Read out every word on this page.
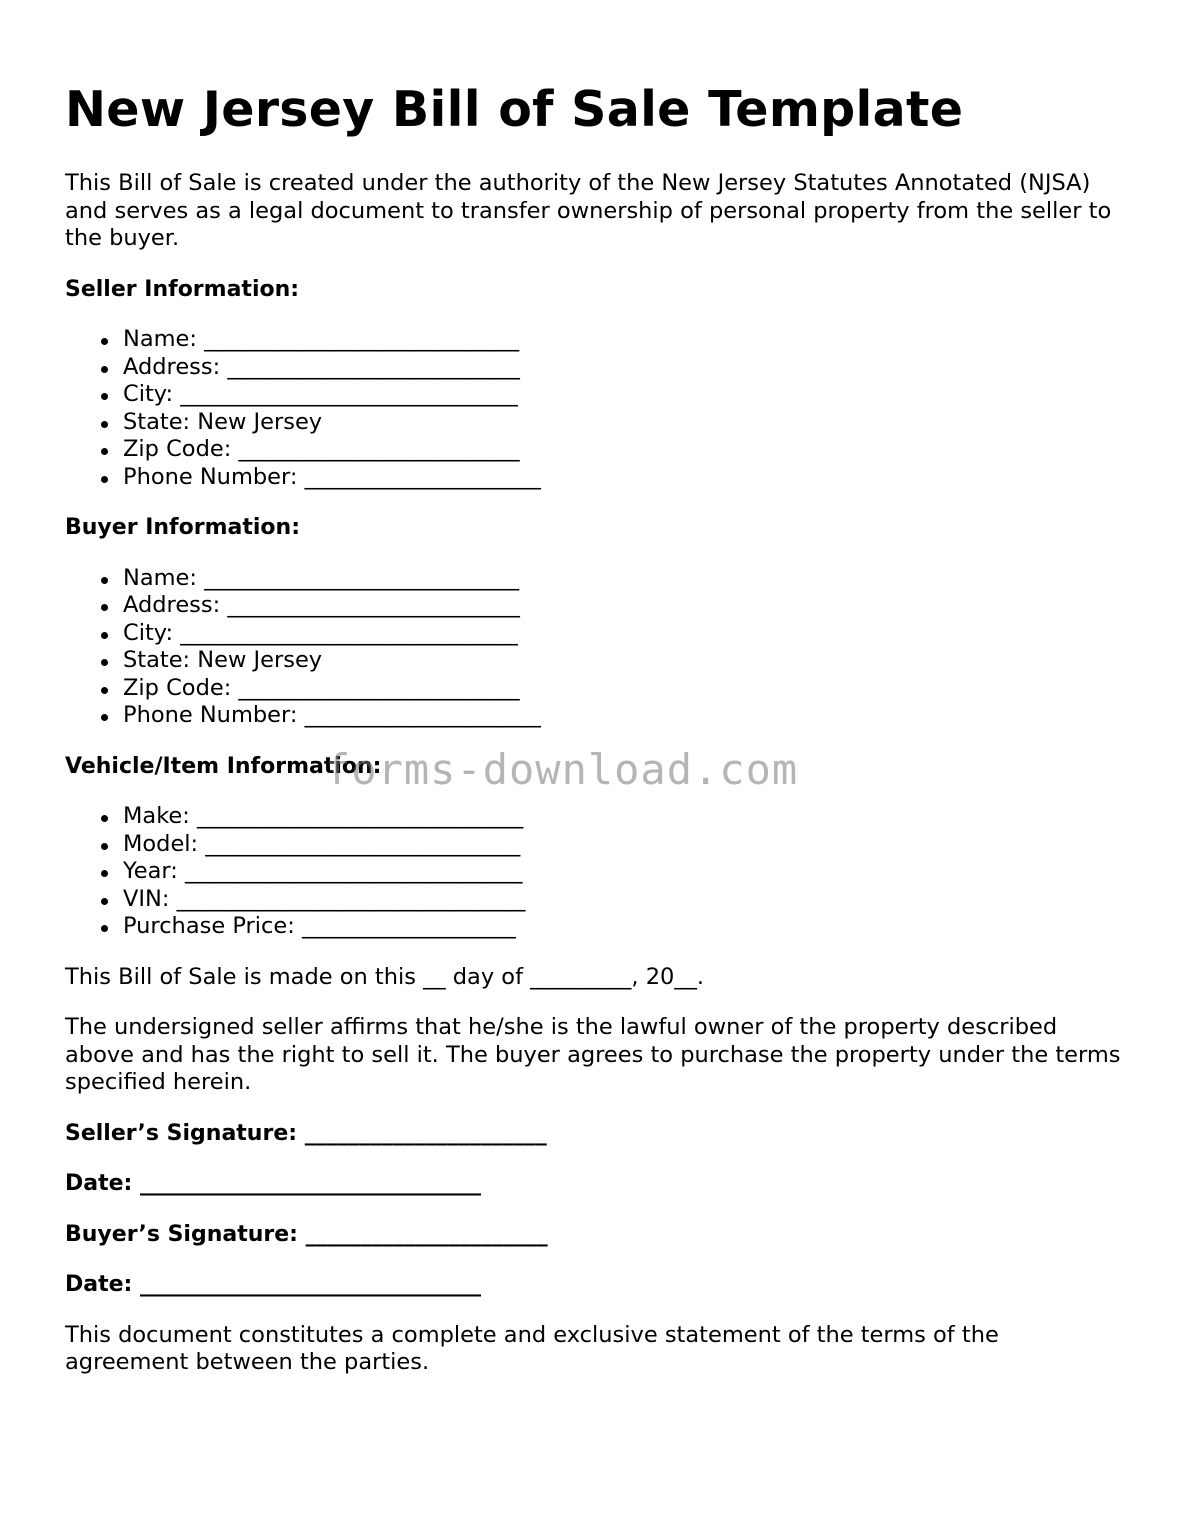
New Jersey Bill of Sale Template

This Bill of Sale is created under the authority of the New Jersey Statutes Annotated (NJSA) and serves as a legal document to transfer ownership of personal property from the seller to the buyer.

Seller Information:
Name: ____________________________
Address: __________________________
City: ______________________________
State: New Jersey
Zip Code: _________________________
Phone Number: _____________________
Buyer Information:
Name: ____________________________
Address: __________________________
City: ______________________________
State: New Jersey
Zip Code: _________________________
Phone Number: _____________________
Vehicle/Item Information:
Make: _____________________________
Model: ____________________________
Year: ______________________________
VIN: _______________________________
Purchase Price: ___________________

This Bill of Sale is made on this __ day of _________, 20__.

The undersigned seller affirms that he/she is the lawful owner of the property described above and has the right to sell it. The buyer agrees to purchase the property under the terms specified herein.

Seller’s Signature: ______________________
Date: _______________________________
Buyer’s Signature: ______________________
Date: _______________________________

This document constitutes a complete and exclusive statement of the terms of the agreement between the parties.

forms-download.com
